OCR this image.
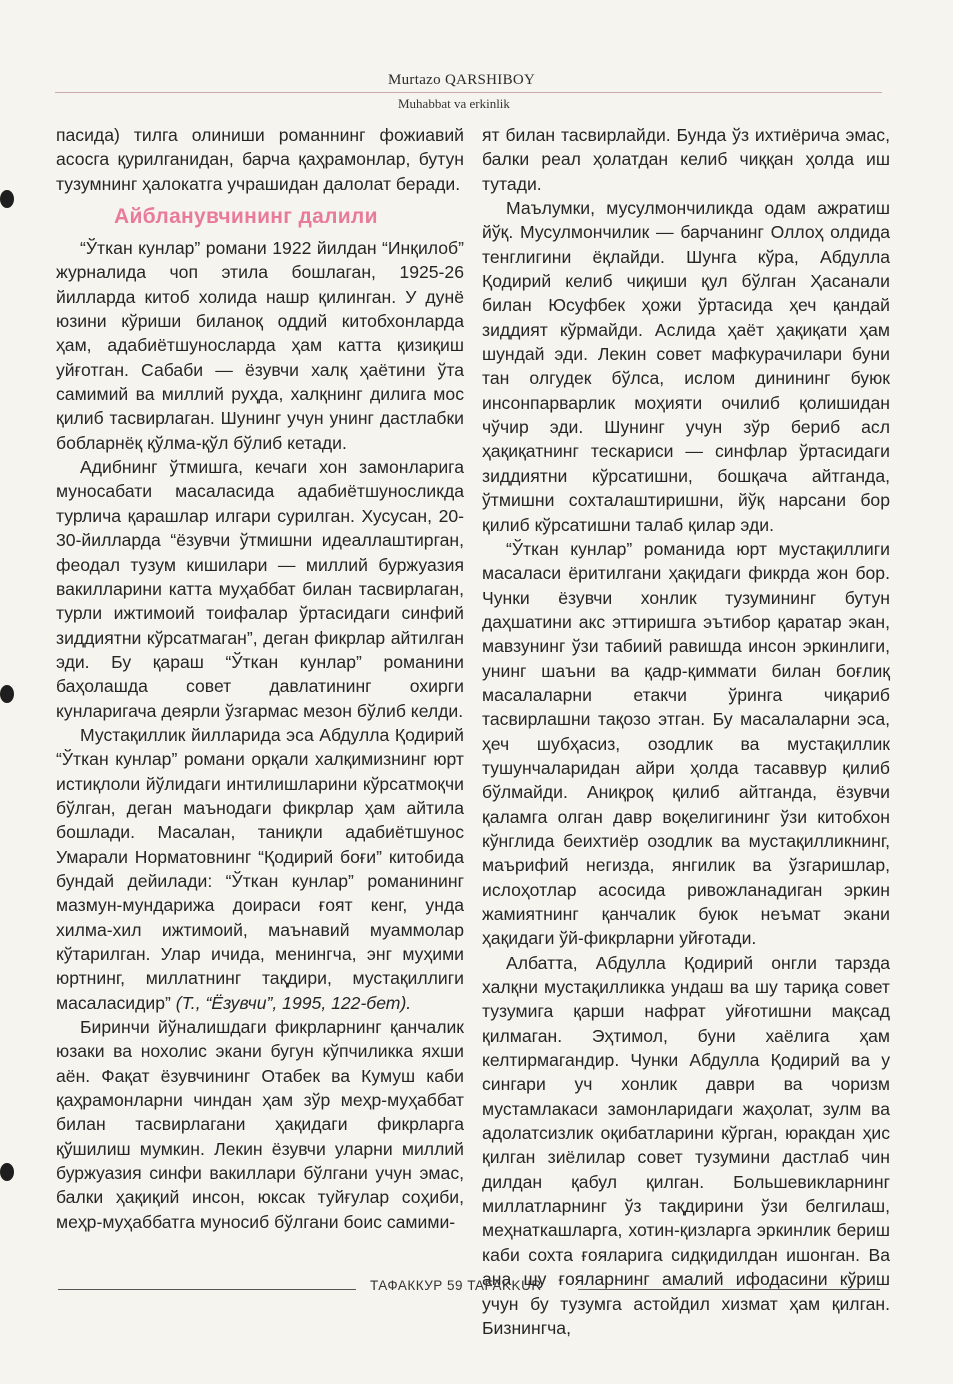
Murtazo QARSHIBOY
Muhabbat va erkinlik

пасида) тилга олиниши романнинг фожиавий асосга қурилганидан, барча қаҳрамонлар, бутун тузумнинг ҳалокатга учрашидан далолат беради.

Айбланувчининг далили

“Ўткан кунлар” романи 1922 йилдан “Инқилоб” журналида чоп этила бошлаган, 1925-26 йилларда китоб холида нашр қилинган. У дунё юзини кўриши биланоқ оддий китобхонларда ҳам, адабиётшуносларда ҳам катта қизиқиш уйғотган. Сабаби — ёзувчи халқ ҳаётини ўта самимий ва миллий руҳда, халқнинг дилига мос қилиб тасвирлаган. Шунинг учун унинг дастлабки бобларнёқ қўлма-қўл бўлиб кетади.

Адибнинг ўтмишга, кечаги хон замонларига муносабати масаласида адабиётшуносликда турлича қарашлар илгари сурилган. Хусусан, 20-30-йилларда “ёзувчи ўтмишни идеаллаштирган, феодал тузум кишилари — миллий буржуазия вакилларини катта муҳаббат билан тасвирлаган, турли ижтимоий тоифалар ўртасидаги синфий зиддиятни кўрсатмаган”, деган фикрлар айтилган эди. Бу қараш “Ўткан кунлар” романини баҳолашда совет давлатининг охирги кунларигача деярли ўзгармас мезон бўлиб келди.

Мустақиллик йилларида эса Абдулла Қодирий “Ўткан кунлар” романи орқали халқимизнинг юрт истиқлоли йўлидаги интилишларини кўрсатмоқчи бўлган, деган маънодаги фикрлар ҳам айтила бошлади. Масалан, таниқли адабиётшунос Умарали Норматовнинг “Қодирий боғи” китобида бундай дейилади: “Ўткан кунлар” романининг мазмун-мундарижа доираси ғоят кенг, унда хилма-хил ижтимоий, маънавий муаммолар кўтарилган. Улар ичида, менингча, энг муҳими юртнинг, миллатнинг тақдири, мустақиллиги масаласидир” (Т., “Ёзувчи”, 1995, 122-бет).

Биринчи йўналишдаги фикрларнинг қанчалик юзаки ва нохолис экани бугун кўпчиликка яхши аён. Фақат ёзувчининг Отабек ва Кумуш каби қаҳрамонларни чиндан ҳам зўр меҳр-муҳаббат билан тасвирлагани ҳақидаги фикрларга қўшилиш мумкин. Лекин ёзувчи уларни миллий буржуазия синфи вакиллари бўлгани учун эмас, балки ҳақиқий инсон, юксак туйғулар соҳиби, меҳр-муҳаббатга муносиб бўлгани боис самими-

ят билан тасвирлайди. Бунда ўз ихтиёрича эмас, балки реал ҳолатдан келиб чиққан ҳолда иш тутади.

Маълумки, мусулмончиликда одам ажратиш йўқ. Мусулмончилик — барчанинг Оллоҳ олдида тенглигини ёқлайди. Шунга кўра, Абдулла Қодирий келиб чиқиши қул бўлган Ҳасанали билан Юсуфбек ҳожи ўртасида ҳеч қандай зиддият кўрмайди. Аслида ҳаёт ҳақиқати ҳам шундай эди. Лекин совет мафкурачилари буни тан олгудек бўлса, ислом динининг буюк инсонпарварлик моҳияти очилиб қолишидан чўчир эди. Шунинг учун зўр бериб асл ҳақиқатнинг тескариси — синфлар ўртасидаги зиддиятни кўрсатишни, бошқача айтганда, ўтмишни сохталаштиришни, йўқ нарсани бор қилиб кўрсатишни талаб қилар эди.

“Ўткан кунлар” романида юрт мустақиллиги масаласи ёритилгани ҳақидаги фикрда жон бор. Чунки ёзувчи хонлик тузумининг бутун даҳшатини акс эттиришга эътибор қаратар экан, мавзунинг ўзи табиий равишда инсон эркинлиги, унинг шаъни ва қадр-қиммати билан боғлиқ масалаларни етакчи ўринга чиқариб тасвирлашни тақозо этган. Бу масалаларни эса, ҳеч шубҳасиз, озодлик ва мустақиллик тушунчаларидан айри ҳолда тасаввур қилиб бўлмайди. Аниқроқ қилиб айтганда, ёзувчи қаламга олган давр воқелигининг ўзи китобхон кўнглида беихтиёр озодлик ва мустақилликнинг, маърифий негизда, янгилик ва ўзгаришлар, ислоҳотлар асосида ривожланадиган эркин жамиятнинг қанчалик буюк неъмат экани ҳақидаги ўй-фикрларни уйғотади.

Албатта, Абдулла Қодирий онгли тарзда халқни мустақилликка ундаш ва шу тариқа совет тузумига қарши нафрат уйғотишни мақсад қилмаган. Эҳтимол, буни хаёлига ҳам келтирмагандир. Чунки Абдулла Қодирий ва у сингари уч хонлик даври ва чоризм мустамлакаси замонларидаги жаҳолат, зулм ва адолатсизлик оқибатларини кўрган, юракдан ҳис қилган зиёлилар совет тузумини дастлаб чин дилдан қабул қилган. Большевикларнинг миллатларнинг ўз тақдирини ўзи белгилаш, меҳнаткашларга, хотин-қизларга эркинлик бериш каби сохта ғояларига сидқидилдан ишонган. Ва ана шу ғояларнинг амалий ифодасини кўриш учун бу тузумга астойдил хизмат ҳам қилган. Бизнингча,

ТАФАККУР 59 TAFAKKUR
